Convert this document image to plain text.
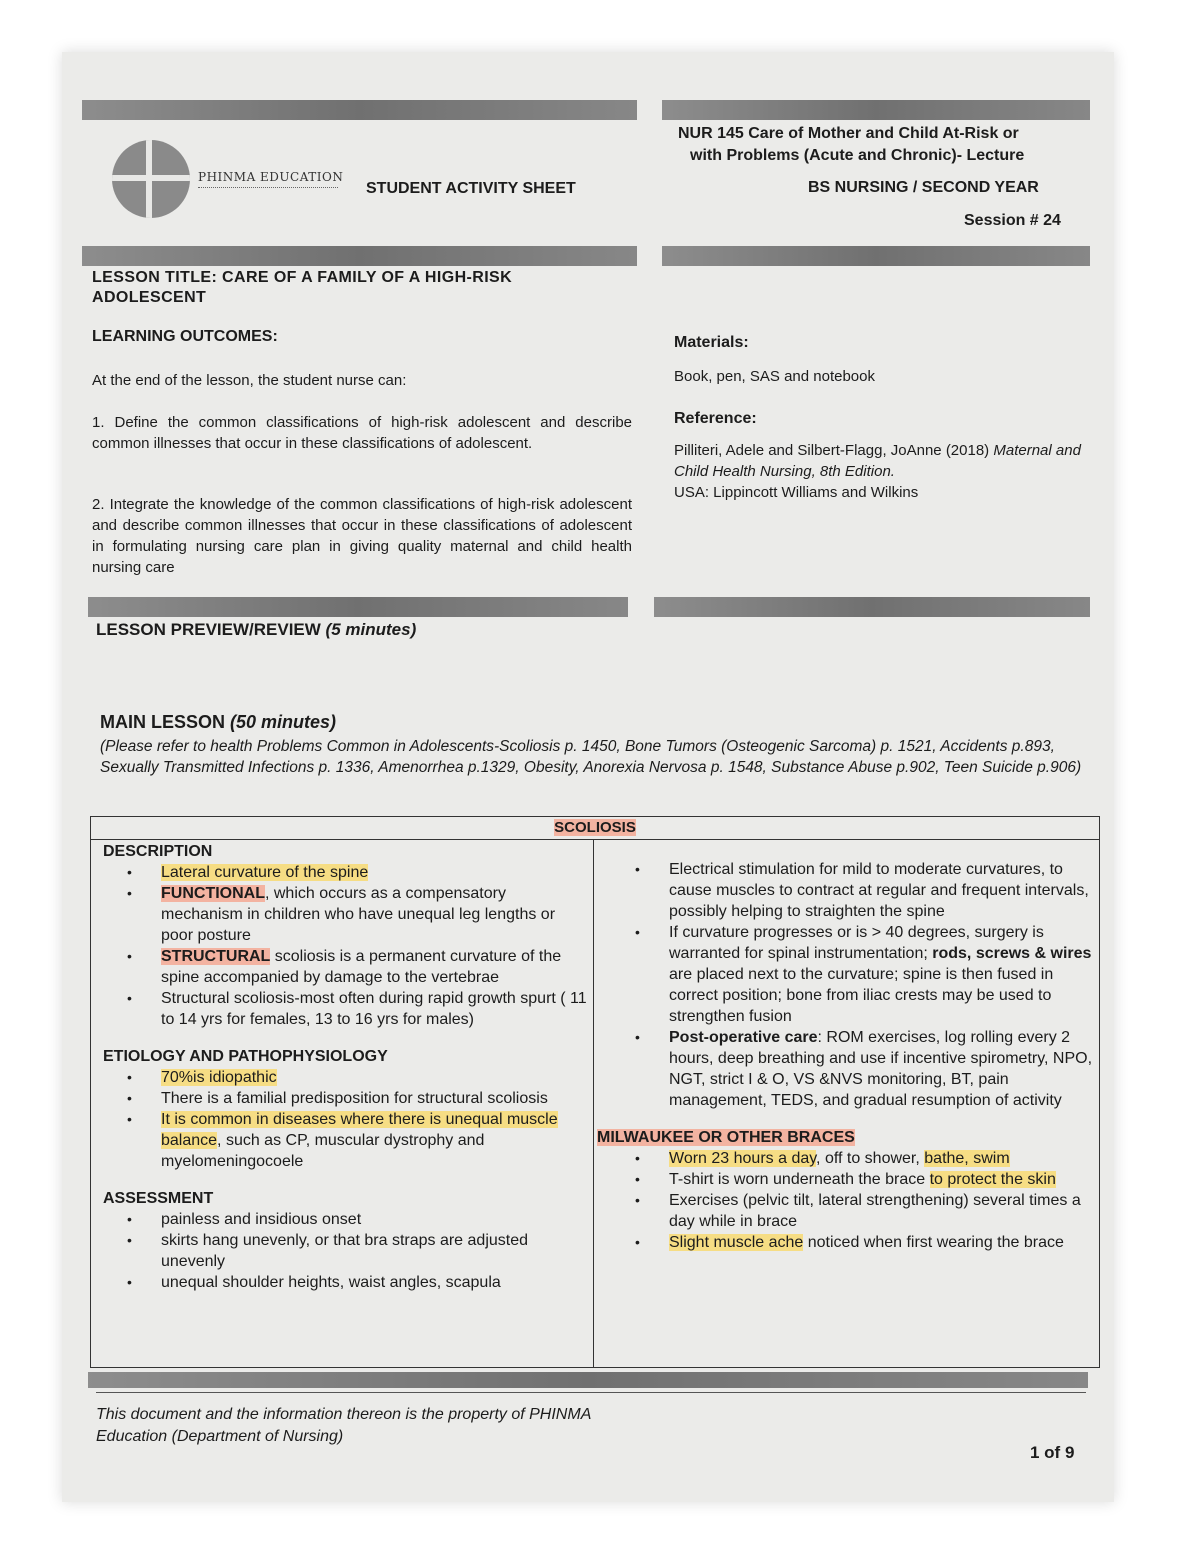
PHINMA EDUCATION
STUDENT ACTIVITY SHEET
NUR 145 Care of Mother and Child At-Risk or
with Problems (Acute and Chronic)- Lecture
BS NURSING / SECOND YEAR
Session # 24
LESSON TITLE: CARE OF A FAMILY OF A HIGH-RISK
ADOLESCENT
LEARNING OUTCOMES:
At the end of the lesson, the student nurse can:
1. Define the common classifications of high-risk adolescent and describe common illnesses that occur in these classifications of adolescent.
2. Integrate the knowledge of the common classifications of high-risk adolescent and describe common illnesses that occur in these classifications of adolescent in formulating nursing care plan in giving quality maternal and child health nursing care
Materials:
Book, pen, SAS and notebook
Reference:
Pilliteri, Adele and Silbert-Flagg, JoAnne (2018) Maternal and Child Health Nursing, 8th Edition.
USA: Lippincott Williams and Wilkins
LESSON PREVIEW/REVIEW (5 minutes)
MAIN LESSON (50 minutes)
(Please refer to health Problems Common in Adolescents-Scoliosis p. 1450, Bone Tumors (Osteogenic Sarcoma) p. 1521, Accidents p.893, Sexually Transmitted Infections p. 1336, Amenorrhea p.1329, Obesity, Anorexia Nervosa p. 1548, Substance Abuse p.902, Teen Suicide p.906)
SCOLIOSIS
DESCRIPTION
• Lateral curvature of the spine
• FUNCTIONAL, which occurs as a compensatory mechanism in children who have unequal leg lengths or poor posture
• STRUCTURAL scoliosis is a permanent curvature of the spine accompanied by damage to the vertebrae
• Structural scoliosis-most often during rapid growth spurt ( 11 to 14 yrs for females, 13 to 16 yrs for males)
ETIOLOGY AND PATHOPHYSIOLOGY
• 70%is idiopathic
• There is a familial predisposition for structural scoliosis
• It is common in diseases where there is unequal muscle balance, such as CP, muscular dystrophy and myelomeningocoele
ASSESSMENT
• painless and insidious onset
• skirts hang unevenly, or that bra straps are adjusted unevenly
• unequal shoulder heights, waist angles, scapula
• Electrical stimulation for mild to moderate curvatures, to cause muscles to contract at regular and frequent intervals, possibly helping to straighten the spine
• If curvature progresses or is > 40 degrees, surgery is warranted for spinal instrumentation; rods, screws & wires are placed next to the curvature; spine is then fused in correct position; bone from iliac crests may be used to strengthen fusion
• Post-operative care: ROM exercises, log rolling every 2 hours, deep breathing and use if incentive spirometry, NPO, NGT, strict I & O, VS &NVS monitoring, BT, pain management, TEDS, and gradual resumption of activity
MILWAUKEE OR OTHER BRACES
• Worn 23 hours a day, off to shower, bathe, swim
• T-shirt is worn underneath the brace to protect the skin
• Exercises (pelvic tilt, lateral strengthening) several times a day while in brace
• Slight muscle ache noticed when first wearing the brace
This document and the information thereon is the property of PHINMA
Education (Department of Nursing)
1 of 9
